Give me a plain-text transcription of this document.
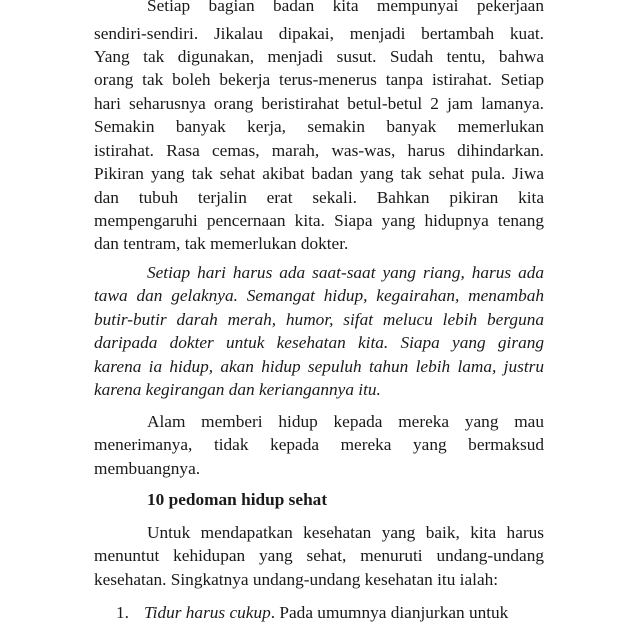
Setiap bagian badan kita mempunyai pekerjaan
sendiri-sendiri. Jikalau dipakai, menjadi bertambah kuat.
Yang tak digunakan, menjadi susut. Sudah tentu, bahwa
orang tak boleh bekerja terus-menerus tanpa istirahat. Setiap
hari seharusnya orang beristirahat betul-betul 2 jam lamanya.
Semakin banyak kerja, semakin banyak memerlukan
istirahat. Rasa cemas, marah, was-was, harus dihindarkan.
Pikiran yang tak sehat akibat badan yang tak sehat pula. Jiwa
dan tubuh terjalin erat sekali. Bahkan pikiran kita
mempengaruhi pencernaan kita. Siapa yang hidupnya tenang
dan tentram, tak memerlukan dokter.
Setiap hari harus ada saat-saat yang riang, harus ada
tawa dan gelaknya. Semangat hidup, kegairahan, menambah
butir-butir darah merah, humor, sifat melucu lebih berguna
daripada dokter untuk kesehatan kita. Siapa yang girang
karena ia hidup, akan hidup sepuluh tahun lebih lama, justru
karena kegirangan dan keriangannya itu.
Alam memberi hidup kepada mereka yang mau
menerimanya, tidak kepada mereka yang bermaksud
membuangnya.
10 pedoman hidup sehat
Untuk mendapatkan kesehatan yang baik, kita harus
menuntut kehidupan yang sehat, menuruti undang-undang
kesehatan. Singkatnya undang-undang kesehatan itu ialah:
1. Tidur harus cukup. Pada umumnya dianjurkan untuk
